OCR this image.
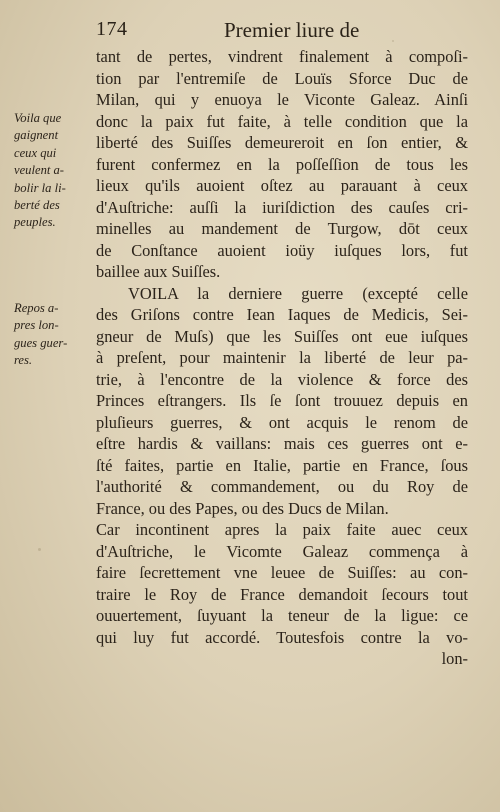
174	Premier liure de
Voila que
gaignent
ceux qui
veulent a-
bolir la li-
berté des
peuples.
Repos a-
pres lon-
gues guer-
res.
tant de pertes, vindrent finalement à compoſi-
tion par l'entremiſe de Louïs Sforce Duc de
Milan, qui y enuoya le Viconte Galeaz. Ainſi
donc la paix fut faite, à telle condition que la
liberté des Suiſſes demeureroit en ſon entier, &
furent confermez en la poſſeſſion de tous les
lieux qu'ils auoient oſtez au parauant à ceux
d'Auſtriche: auſſi la iuriſdiction des cauſes cri-
minelles au mandement de Turgow, dōt ceux
de Conſtance auoient ioüy iuſques lors, fut
baillee aux Suiſſes.
VOILA la derniere guerre (excepté celle
des Griſons contre Iean Iaques de Medicis, Sei-
gneur de Muſs) que les Suiſſes ont eue iuſques
à preſent, pour maintenir la liberté de leur pa-
trie, à l'encontre de la violence & force des
Princes eſtrangers. Ils ſe ſont trouuez depuis en
pluſieurs guerres, & ont acquis le renom de
eſtre hardis & vaillans: mais ces guerres ont e-
ſté faites, partie en Italie, partie en France, ſous
l'authorité & commandement, ou du Roy de
France, ou des Papes, ou des Ducs de Milan.
Car incontinent apres la paix faite auec ceux
d'Auſtriche, le Vicomte Galeaz commença à
faire ſecrettement vne leuee de Suiſſes: au con-
traire le Roy de France demandoit ſecours tout
ouuertement, ſuyuant la teneur de la ligue: ce
qui luy fut accordé. Toutesfois contre la vo-
lon-
